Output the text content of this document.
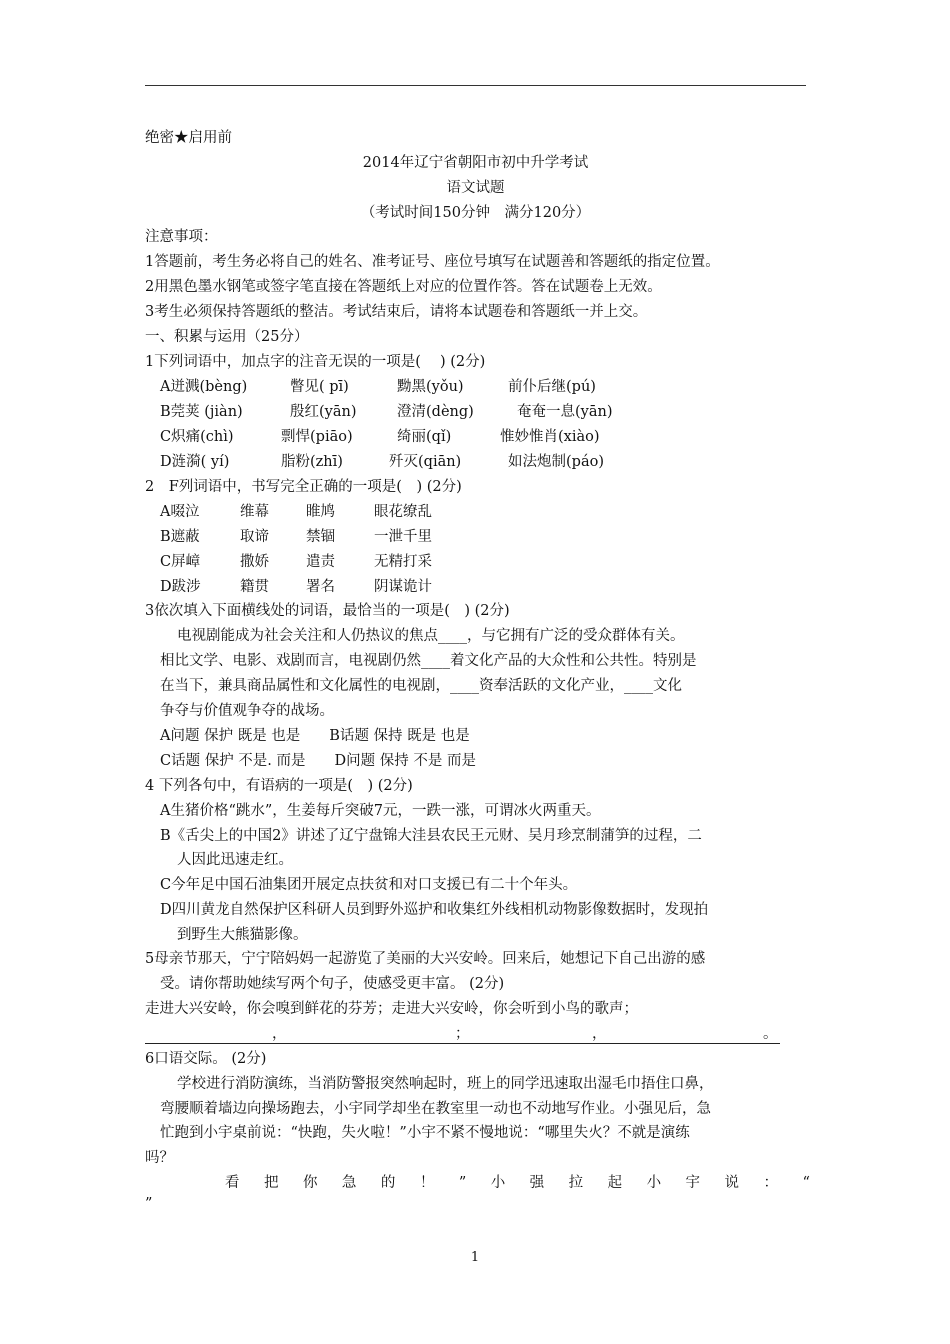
绝密★启用前
2014年辽宁省朝阳市初中升学考试
语文试题
（考试时间150分钟　满分120分）
注意事项：
1答题前，考生务必将自己的姓名、准考证号、座位号填写在试题善和答题纸的指定位置。
2用黑色墨水钢笔或签字笔直接在答题纸上对应的位置作答。答在试题卷上无效。
3考生必须保持答题纸的整洁。考试结束后，请将本试题卷和答题纸一并上交。
一、积累与运用（25分）
1下列词语中，加点字的注音无误的一项是(　 ) (2分)
A迸溅(bèng)	瞥见( pī)	黝黑(yǒu)	前仆后继(pú)
B莞荚 (jiàn)	殷红(yān)	澄清(dèng)	奄奄一息(yān)
C炽痛(chì)	剽悍(piāo)	绮丽(qǐ)	惟妙惟肖(xiào)
D涟漪( yí)	脂粉(zhī)	歼灭(qiān)	如法炮制(páo)
2　F列词语中，书写完全正确的一项是(　) (2分)
A啜泣	维幕	睢鸠	眼花缭乱
B遮蔽	取谛	禁锢	一泄千里
C屏嶂	撒娇	遣责	无精打采
D跋涉	籍贯	署名	阴谋诡计
3依次填入下面横线处的词语，最恰当的一项是(　) (2分)
电视剧能成为社会关注和人仍热议的焦点____，与它拥有广泛的受众群体有关。
相比文学、电影、戏剧而言，电视剧仍然____着文化产品的大众性和公共性。特别是
在当下，兼具商品属性和文化属性的电视剧，____资奉活跃的文化产业，____文化
争夺与价值观争夺的战场。
A问题 保护 既是 也是　　B话题 保持 既是 也是
C话题 保护 不是. 而是　　D问题 保持 不是 而是
4 下列各句中，有语病的一项是(　) (2分)
A生猪价格“跳水”，生姜每斤突破7元，一跌一涨，可谓冰火两重天。
B《舌尖上的中国2》讲述了辽宁盘锦大洼县农民王元财、吴月珍烹制蒲笋的过程，二
人因此迅速走红。
C今年足中国石油集团开展定点扶贫和对口支援已有二十个年头。
D四川黄龙自然保护区科研人员到野外巡护和收集红外线相机动物影像数据时，发现拍
到野生大熊猫影像。
5母亲节那天，宁宁陪妈妈一起游览了美丽的大兴安岭。回来后，她想记下自己出游的感
受。请你帮助她续写两个句子，使感受更丰富。 (2分)
走进大兴安岭，你会嗅到鲜花的芬芳；走进大兴安岭，你会听到小鸟的歌声；
，	；	，	。
6口语交际。 (2分)
学校进行消防演练，当消防警报突然响起时，班上的同学迅速取出湿毛巾捂住口鼻，
弯腰顺着墙边向操场跑去，小宇同学却坐在教室里一动也不动地写作业。小强见后，急
忙跑到小宇桌前说：“快跑，失火啦！”小宇不紧不慢地说：“哪里失火？不就是演练
吗？
看 把 你 急 的 ！ ” 小 强 拉 起 小 宇 说 ： “
”
1
